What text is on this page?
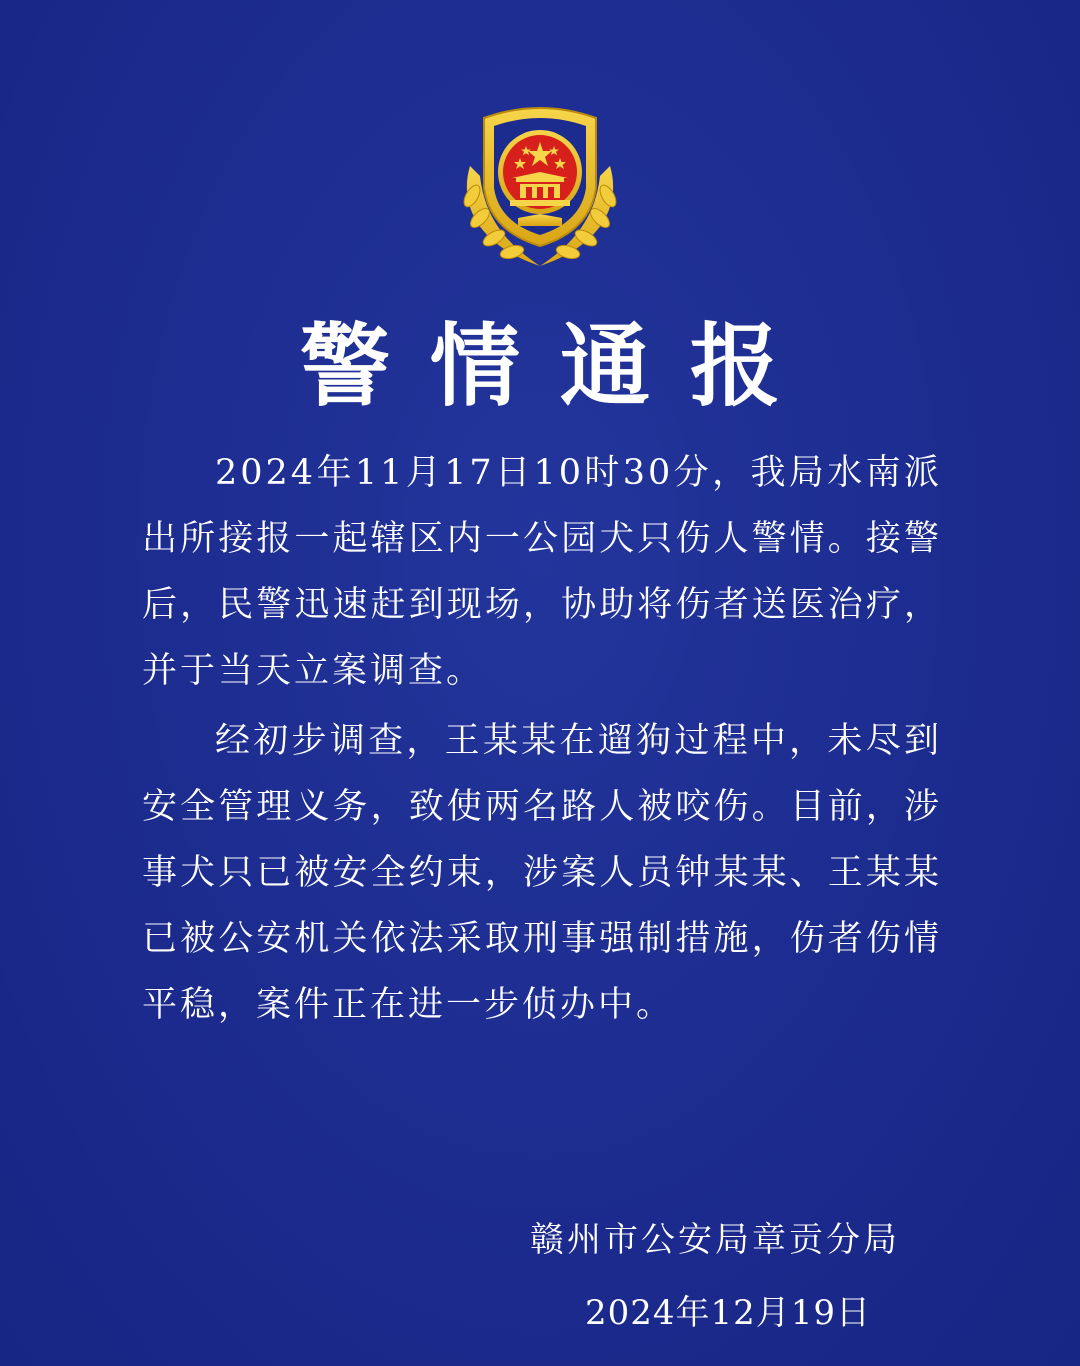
警情通报

2024年11月17日10时30分，我局水南派出所接报一起辖区内一公园犬只伤人警情。接警后，民警迅速赶到现场，协助将伤者送医治疗，并于当天立案调查。

经初步调查，王某某在遛狗过程中，未尽到安全管理义务，致使两名路人被咬伤。目前，涉事犬只已被安全约束，涉案人员钟某某、王某某已被公安机关依法采取刑事强制措施，伤者伤情平稳，案件正在进一步侦办中。

赣州市公安局章贡分局
2024年12月19日
